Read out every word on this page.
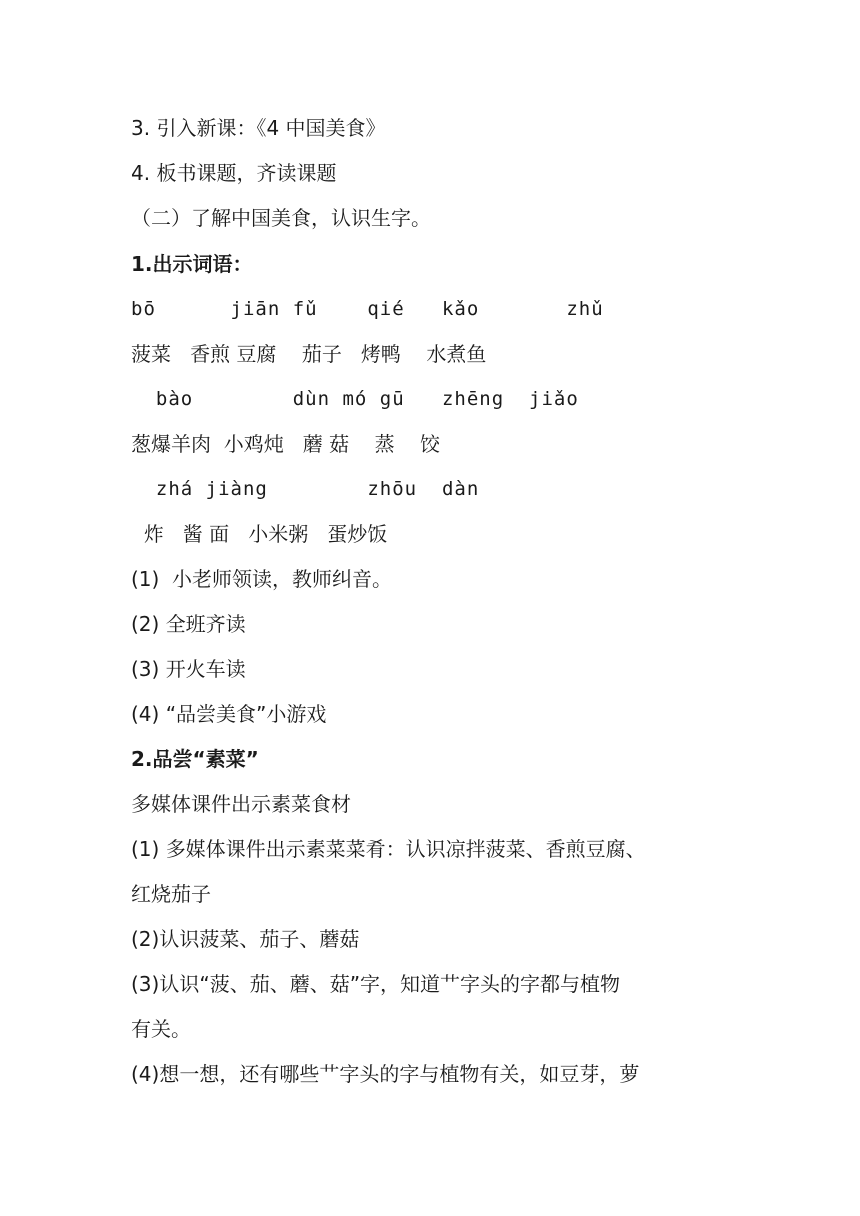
3. 引入新课：《4 中国美食》
4. 板书课题，齐读课题
（二）了解中国美食，认识生字。
1.出示词语：
bō      jiān fǔ    qié   kǎo       zhǔ
菠菜   香煎 豆腐    茄子   烤鸭    水煮鱼
bào        dùn mó gū   zhēng  jiǎo
葱爆羊肉  小鸡炖   蘑 菇    蒸    饺
zhá jiàng        zhōu  dàn
炸   酱 面   小米粥   蛋炒饭
(1)  小老师领读，教师纠音。
(2) 全班齐读
(3) 开火车读
(4) “品尝美食”小游戏
2.品尝“素菜”
多媒体课件出示素菜食材
(1) 多媒体课件出示素菜菜肴：认识凉拌菠菜、香煎豆腐、
红烧茄子
(2)认识菠菜、茄子、蘑菇
(3)认识“菠、茄、蘑、菇”字，知道艹字头的字都与植物
有关。
(4)想一想，还有哪些艹字头的字与植物有关，如豆芽，萝
